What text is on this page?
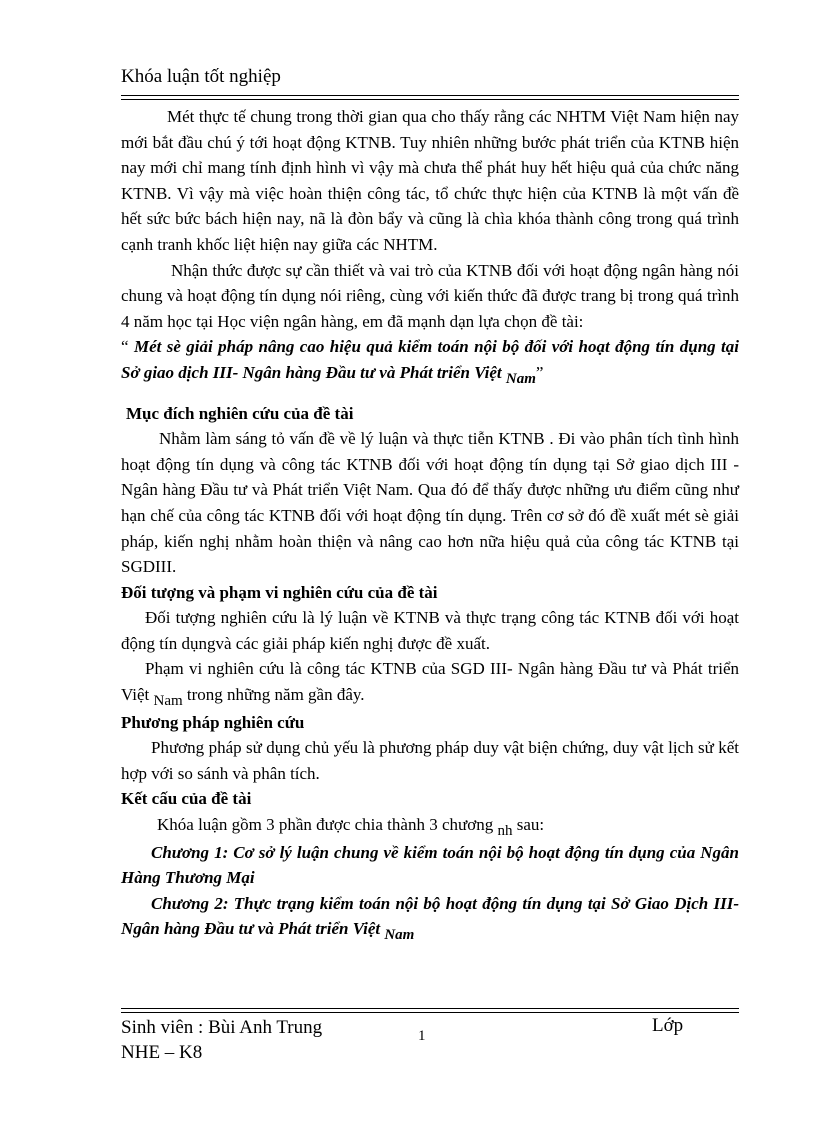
Khóa luận tốt nghiệp

Mét thực tế chung trong thời gian qua cho thấy rằng các NHTM Việt Nam hiện nay mới bắt đầu chú ý tới hoạt động KTNB. Tuy nhiên những bước phát triển của KTNB hiện nay mới chỉ mang tính định hình vì vậy mà chưa thể phát huy hết hiệu quả của chức năng KTNB. Vì vậy mà việc hoàn thiện công tác, tổ chức thực hiện của KTNB là một vấn đề hết sức bức bách hiện nay, nã là đòn bẩy và cũng là chìa khóa thành công trong quá trình cạnh tranh khốc liệt hiện nay giữa các NHTM.

Nhận thức được sự cần thiết và vai trò của KTNB đối với hoạt động ngân hàng nói chung và hoạt động tín dụng nói riêng, cùng với kiến thức đã được trang bị trong quá trình 4 năm học tại Học viện ngân hàng, em đã mạnh dạn lựa chọn đề tài:

“ Mét sè giải pháp nâng cao hiệu quả kiểm toán nội bộ đối với hoạt động tín dụng tại Sở giao dịch III- Ngân hàng Đầu tư và Phát triển Việt Nam”

Mục đích nghiên cứu của đề tài

Nhằm làm sáng tỏ vấn đề về lý luận và thực tiễn KTNB . Đi vào phân tích tình hình hoạt động tín dụng và công tác KTNB đối với hoạt động tín dụng tại Sở giao dịch III - Ngân hàng Đầu tư và Phát triển Việt Nam. Qua đó để thấy được những ưu điểm cũng như hạn chế của công tác KTNB đối với hoạt động tín dụng. Trên cơ sở đó đề xuất mét sè giải pháp, kiến nghị nhằm hoàn thiện và nâng cao hơn nữa hiệu quả của công tác KTNB tại SGDIII.

Đối tượng và phạm vi nghiên cứu của đề tài

Đối tượng nghiên cứu là lý luận về KTNB và thực trạng công tác KTNB đối với hoạt động tín dụngvà các giải pháp kiến nghị được đề xuất.

Phạm vi nghiên cứu là công tác KTNB của SGD III- Ngân hàng Đầu tư và Phát triển Việt Nam trong những năm gần đây.

Phương pháp nghiên cứu

Phương pháp sử dụng chủ yếu là phương pháp duy vật biện chứng, duy vật lịch sử kết hợp với so sánh và phân tích.

Kết cấu của đề tài

Khóa luận gồm 3 phần được chia thành 3 chương nh sau:

Chương 1: Cơ sở lý luận chung về kiểm toán nội bộ hoạt động tín dụng của Ngân Hàng Thương Mại

Chương 2: Thực trạng kiểm toán nội bộ hoạt động tín dụng tại Sở Giao Dịch III- Ngân hàng Đầu tư và Phát triển Việt Nam

Sinh viên : Bùi Anh Trung
NHE – K8
1	Lớp
